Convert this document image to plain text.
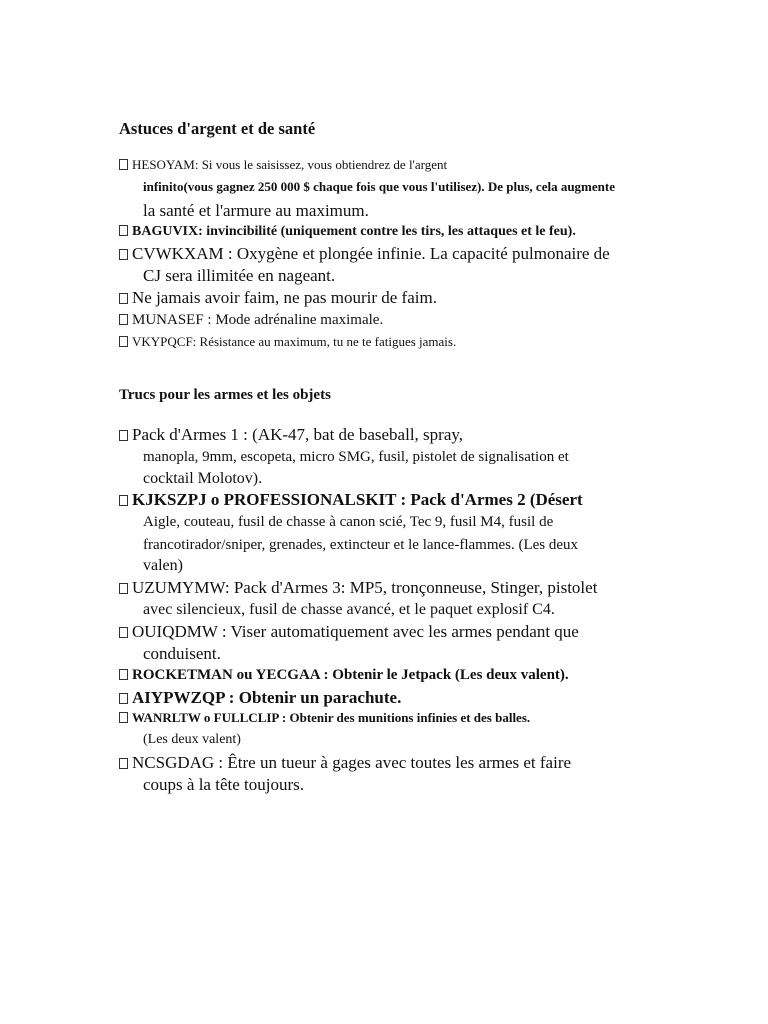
Astuces d'argent et de santé
HESOYAM: Si vous le saisissez, vous obtiendrez de l'argent
infinito(vous gagnez 250 000 $ chaque fois que vous l'utilisez). De plus, cela augmente
la santé et l'armure au maximum.
BAGUVIX: invincibilité (uniquement contre les tirs, les attaques et le feu).
CVWKXAM : Oxygène et plongée infinie. La capacité pulmonaire de
CJ sera illimitée en nageant.
Ne jamais avoir faim, ne pas mourir de faim.
MUNASEF : Mode adrénaline maximale.
VKYPQCF: Résistance au maximum, tu ne te fatigues jamais.
Trucs pour les armes et les objets
Pack d'Armes 1 : (AK-47, bat de baseball, spray,
manopla, 9mm, escopeta, micro SMG, fusil, pistolet de signalisation et
cocktail Molotov).
KJKSZPJ o PROFESSIONALSKIT : Pack d'Armes 2 (Désert
Aigle, couteau, fusil de chasse à canon scié, Tec 9, fusil M4, fusil de
francotirador/sniper, grenades, extincteur et le lance-flammes. (Les deux
valen)
UZUMYMW: Pack d'Armes 3: MP5, tronçonneuse, Stinger, pistolet
avec silencieux, fusil de chasse avancé, et le paquet explosif C4.
OUIQDMW : Viser automatiquement avec les armes pendant que
conduisent.
ROCKETMAN ou YECGAA : Obtenir le Jetpack (Les deux valent).
AIYPWZQP : Obtenir un parachute.
WANRLTW o FULLCLIP : Obtenir des munitions infinies et des balles.
(Les deux valent)
NCSGDAG : Être un tueur à gages avec toutes les armes et faire
coups à la tête toujours.
